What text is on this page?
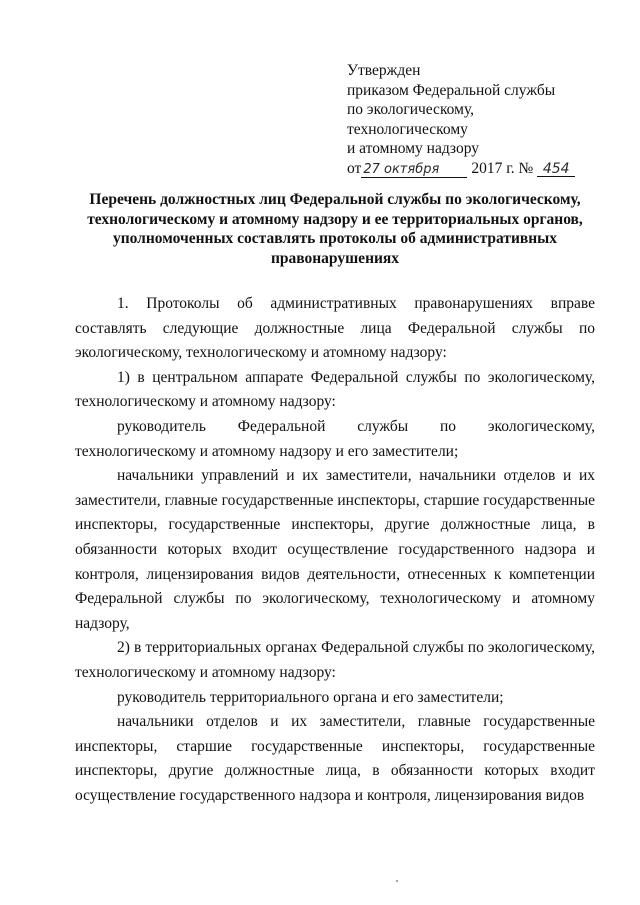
Утвержден
приказом Федеральной службы
по экологическому,
технологическому
и атомному надзору
от 27 октября 2017 г. № 454
Перечень должностных лиц Федеральной службы по экологическому, технологическому и атомному надзору и ее территориальных органов, уполномоченных составлять протоколы об административных правонарушениях

1. Протоколы об административных правонарушениях вправе составлять следующие должностные лица Федеральной службы по экологическому, технологическому и атомному надзору:

1) в центральном аппарате Федеральной службы по экологическому, технологическому и атомному надзору:

руководитель Федеральной службы по экологическому, технологическому и атомному надзору и его заместители;

начальники управлений и их заместители, начальники отделов и их заместители, главные государственные инспекторы, старшие государственные инспекторы, государственные инспекторы, другие должностные лица, в обязанности которых входит осуществление государственного надзора и контроля, лицензирования видов деятельности, отнесенных к компетенции Федеральной службы по экологическому, технологическому и атомному надзору,

2) в территориальных органах Федеральной службы по экологическому, технологическому и атомному надзору:

руководитель территориального органа и его заместители;

начальники отделов и их заместители, главные государственные инспекторы, старшие государственные инспекторы, государственные инспекторы, другие должностные лица, в обязанности которых входит осуществление государственного надзора и контроля, лицензирования видов
